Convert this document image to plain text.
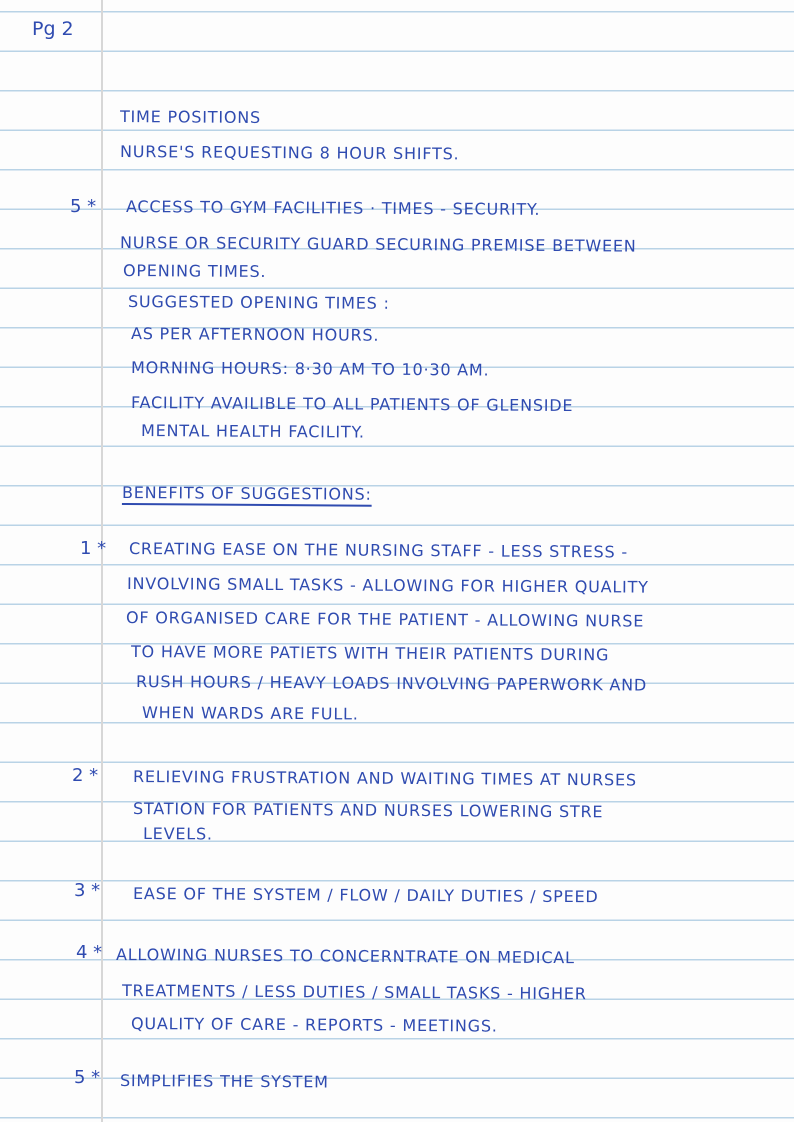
Pg 2
TIME POSITIONS
NURSE'S REQUESTING 8 HOUR SHIFTS.
5 * ACCESS TO GYM FACILITIES · TIMES - SECURITY.
NURSE OR SECURITY GUARD SECURING PREMISE BETWEEN
OPENING TIMES.
SUGGESTED OPENING TIMES :
AS PER AFTERNOON HOURS.
MORNING HOURS: 8·30 AM TO 10·30 AM.
FACILITY AVAILIBLE TO ALL PATIENTS OF GLENSIDE
MENTAL HEALTH FACILITY.
BENEFITS OF SUGGESTIONS:
1 * CREATING EASE ON THE NURSING STAFF - LESS STRESS -
INVOLVING SMALL TASKS - ALLOWING FOR HIGHER QUALITY
OF ORGANISED CARE FOR THE PATIENT - ALLOWING NURSE
TO HAVE MORE PATIETS WITH THEIR PATIENTS DURING
RUSH HOURS / HEAVY LOADS INVOLVING PAPERWORK AND
WHEN WARDS ARE FULL.
2 * RELIEVING FRUSTRATION AND WAITING TIMES AT NURSES
STATION FOR PATIENTS AND NURSES LOWERING STRE
LEVELS.
3 * EASE OF THE SYSTEM / FLOW / DAILY DUTIES / SPEED
4 * ALLOWING NURSES TO CONCERNTRATE ON MEDICAL
TREATMENTS / LESS DUTIES / SMALL TASKS - HIGHER
QUALITY OF CARE - REPORTS - MEETINGS.
5 * SIMPLIFIES THE SYSTEM
